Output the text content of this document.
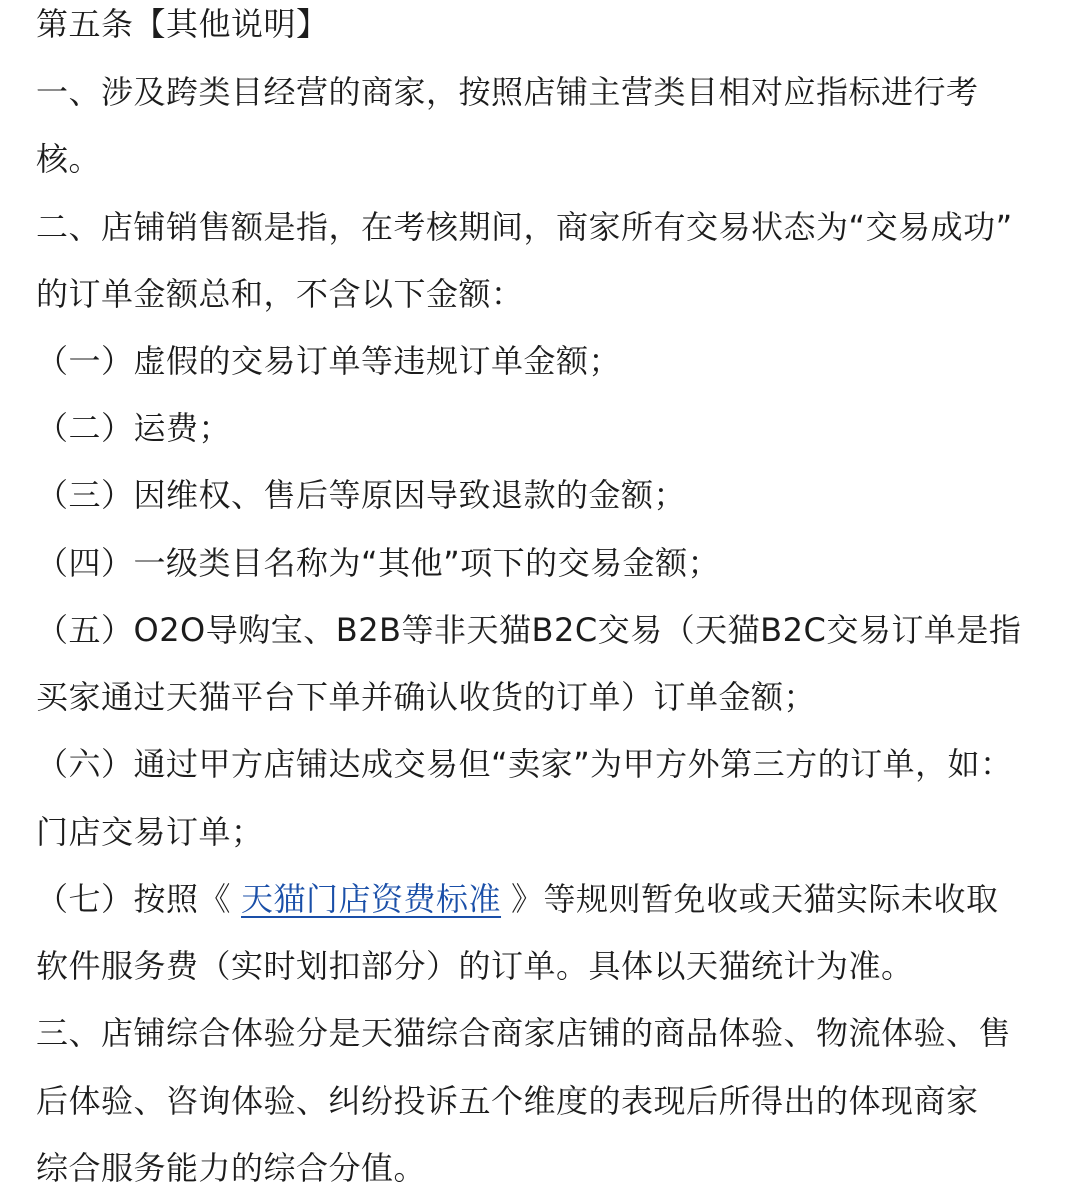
第五条【其他说明】
一、涉及跨类目经营的商家，按照店铺主营类目相对应指标进行考
核。
二、店铺销售额是指，在考核期间，商家所有交易状态为“交易成功”
的订单金额总和，不含以下金额：
（一）虚假的交易订单等违规订单金额；
（二）运费；
（三）因维权、售后等原因导致退款的金额；
（四）一级类目名称为“其他”项下的交易金额；
（五）O2O导购宝、B2B等非天猫B2C交易（天猫B2C交易订单是指
买家通过天猫平台下单并确认收货的订单）订单金额；
（六）通过甲方店铺达成交易但“卖家”为甲方外第三方的订单，如：
门店交易订单；
（七）按照《 天猫门店资费标准 》等规则暂免收或天猫实际未收取
软件服务费（实时划扣部分）的订单。具体以天猫统计为准。
三、店铺综合体验分是天猫综合商家店铺的商品体验、物流体验、售
后体验、咨询体验、纠纷投诉五个维度的表现后所得出的体现商家
综合服务能力的综合分值。
